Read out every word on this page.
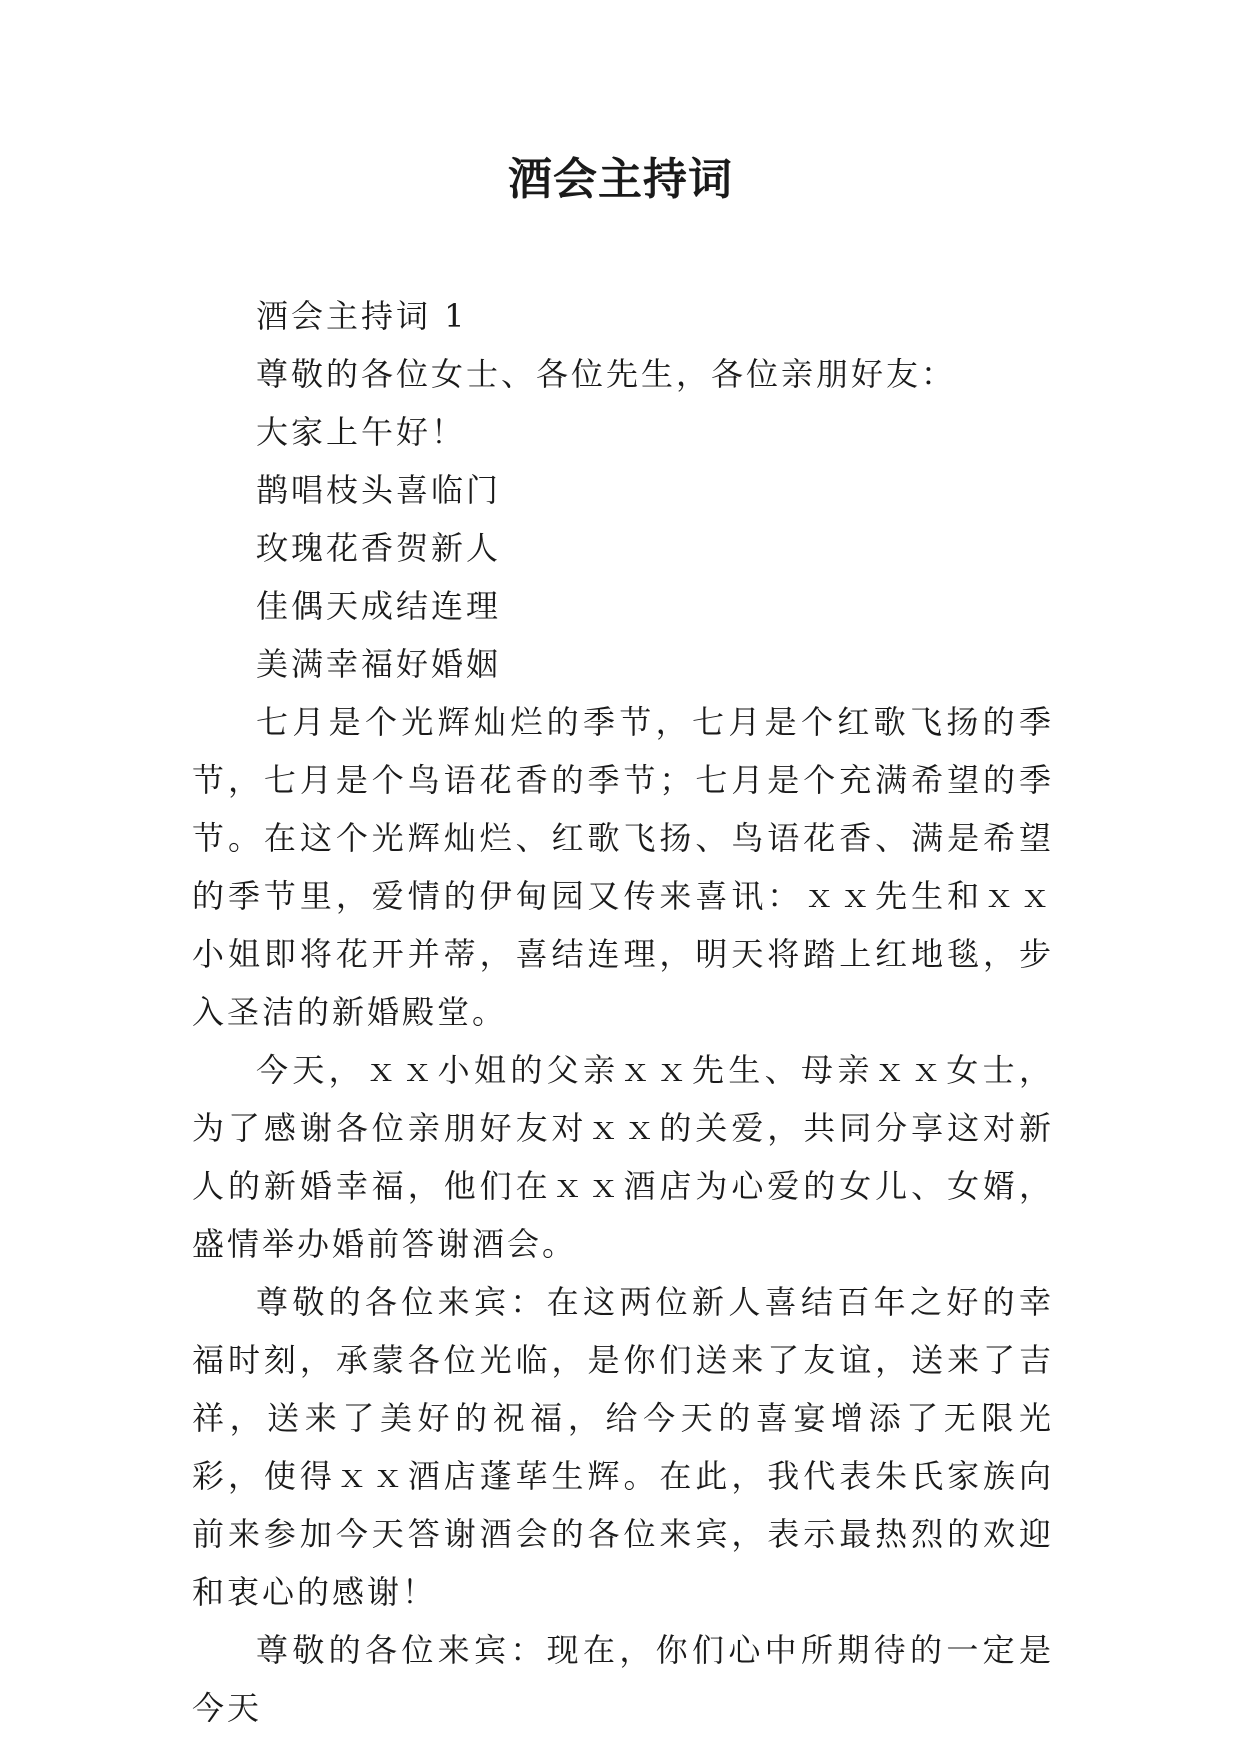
酒会主持词

酒会主持词 1

尊敬的各位女士、各位先生，各位亲朋好友：

大家上午好！

鹊唱枝头喜临门

玫瑰花香贺新人

佳偶天成结连理

美满幸福好婚姻

七月是个光辉灿烂的季节，七月是个红歌飞扬的季节，七月是个鸟语花香的季节；七月是个充满希望的季节。在这个光辉灿烂、红歌飞扬、鸟语花香、满是希望的季节里，爱情的伊甸园又传来喜讯：ｘｘ先生和ｘｘ小姐即将花开并蒂，喜结连理，明天将踏上红地毯，步入圣洁的新婚殿堂。

今天，ｘｘ小姐的父亲ｘｘ先生、母亲ｘｘ女士，为了感谢各位亲朋好友对ｘｘ的关爱，共同分享这对新人的新婚幸福，他们在ｘｘ酒店为心爱的女儿、女婿，盛情举办婚前答谢酒会。

尊敬的各位来宾：在这两位新人喜结百年之好的幸福时刻，承蒙各位光临，是你们送来了友谊，送来了吉祥，送来了美好的祝福，给今天的喜宴增添了无限光彩，使得ｘｘ酒店蓬荜生辉。在此，我代表朱氏家族向前来参加今天答谢酒会的各位来宾，表示最热烈的欢迎和衷心的感谢！

尊敬的各位来宾：现在，你们心中所期待的一定是今天
